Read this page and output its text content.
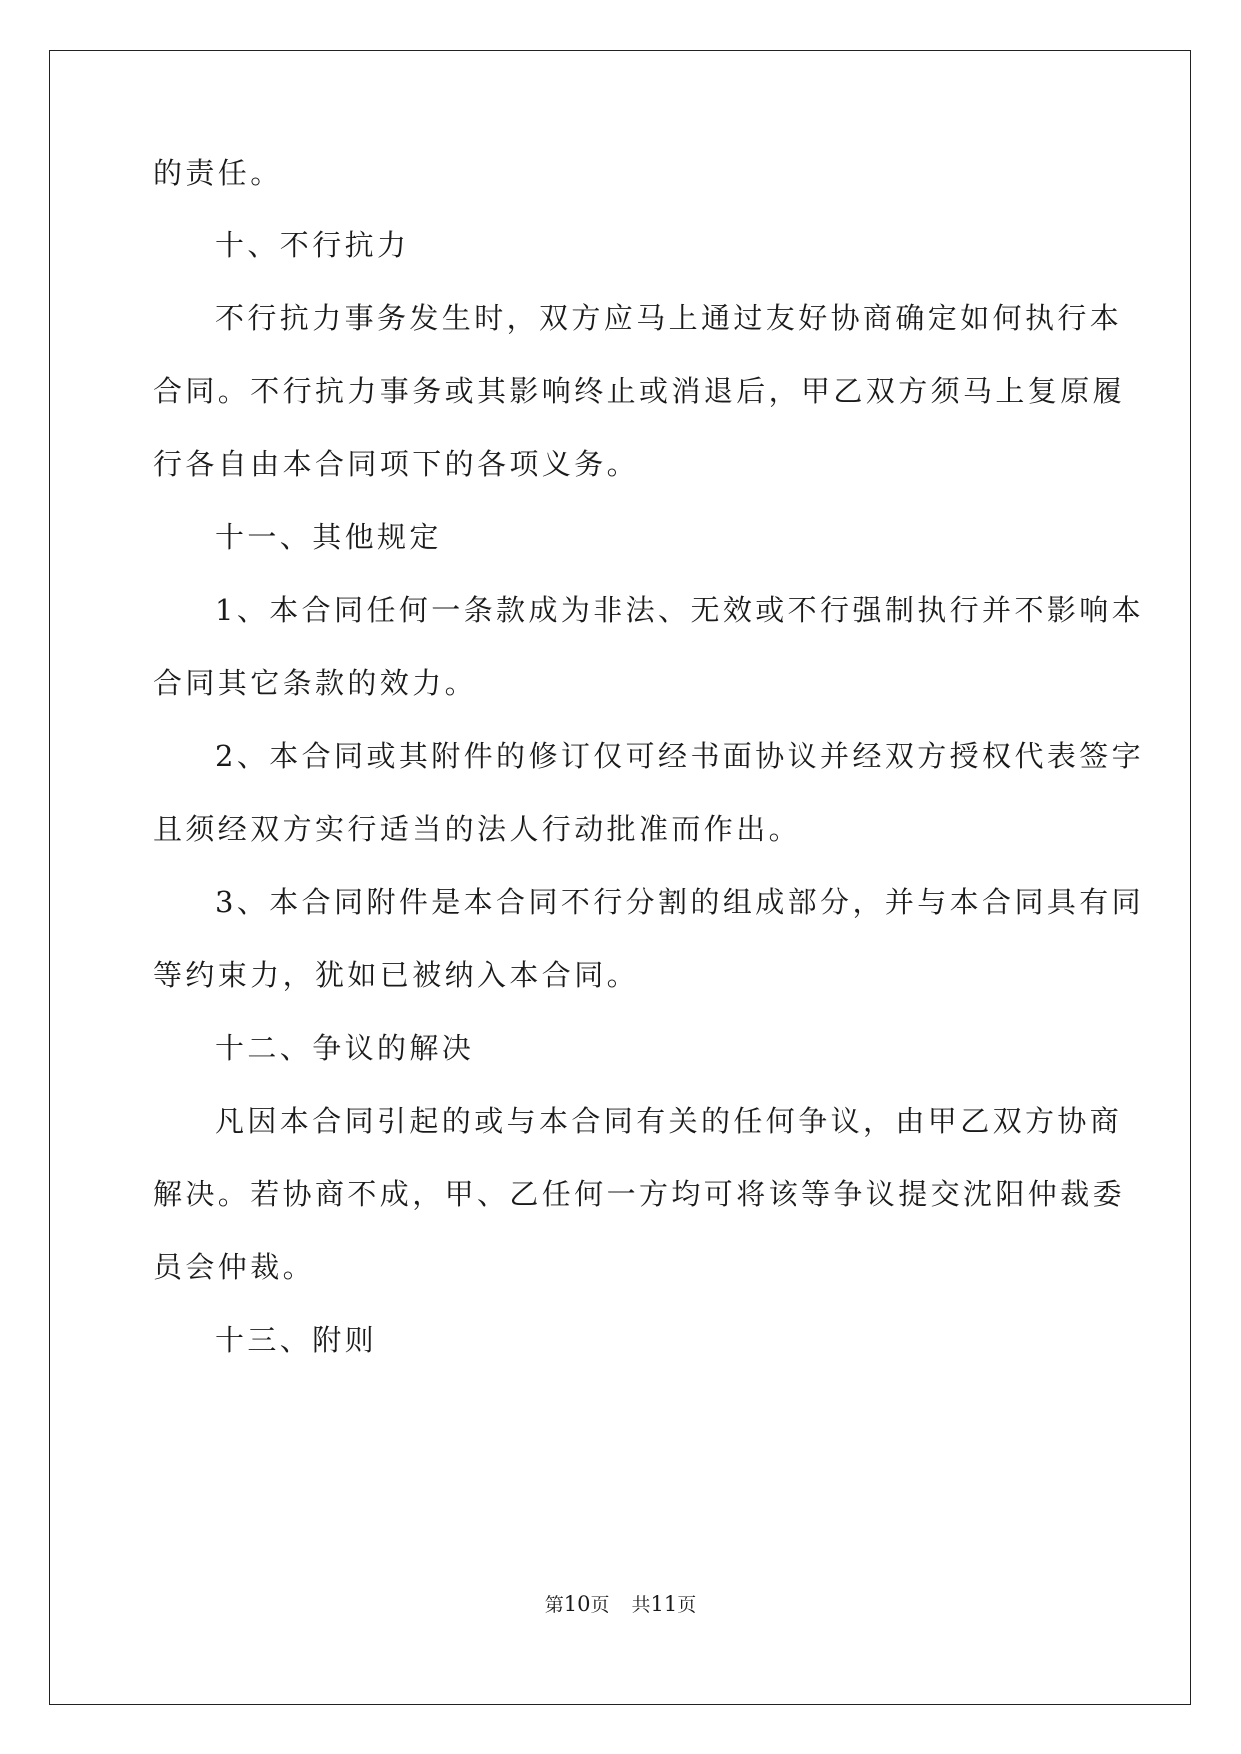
的责任。
十、不行抗力
不行抗力事务发生时，双方应马上通过友好协商确定如何执行本
合同。不行抗力事务或其影响终止或消退后，甲乙双方须马上复原履
行各自由本合同项下的各项义务。
十一、其他规定
1、本合同任何一条款成为非法、无效或不行强制执行并不影响本
合同其它条款的效力。
2、本合同或其附件的修订仅可经书面协议并经双方授权代表签字
且须经双方实行适当的法人行动批准而作出。
3、本合同附件是本合同不行分割的组成部分，并与本合同具有同
等约束力，犹如已被纳入本合同。
十二、争议的解决
凡因本合同引起的或与本合同有关的任何争议，由甲乙双方协商
解决。若协商不成，甲、乙任何一方均可将该等争议提交沈阳仲裁委
员会仲裁。
十三、附则
第10页 共11页
